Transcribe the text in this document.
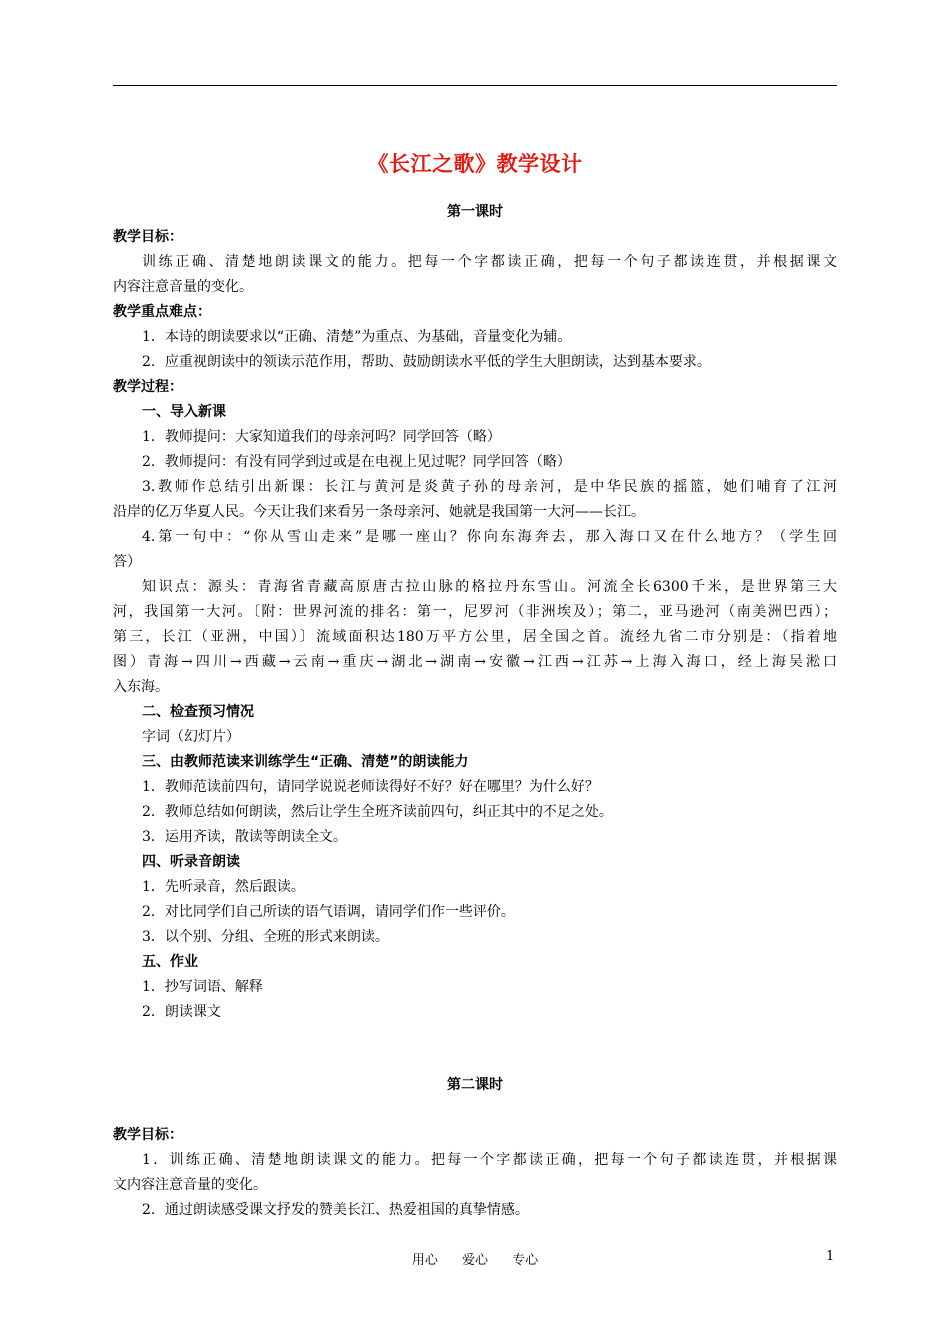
《长江之歌》教学设计
第一课时
教学目标：
训练正确、清楚地朗读课文的能力。把每一个字都读正确，把每一个句子都读连贯，并根据课文
内容注意音量的变化。
教学重点难点：
1．本诗的朗读要求以“正确、清楚”为重点、为基础，音量变化为辅。
2．应重视朗读中的领读示范作用，帮助、鼓励朗读水平低的学生大胆朗读，达到基本要求。
教学过程：
一、导入新课
1．教师提问：大家知道我们的母亲河吗？同学回答（略）
2．教师提问：有没有同学到过或是在电视上见过呢？同学回答（略）
3.教师作总结引出新课：长江与黄河是炎黄子孙的母亲河，是中华民族的摇篮，她们哺育了江河
沿岸的亿万华夏人民。今天让我们来看另一条母亲河、她就是我国第一大河——长江。
4.第一句中：“你从雪山走来”是哪一座山？你向东海奔去，那入海口又在什么地方？（学生回
答）
知识点：源头：青海省青藏高原唐古拉山脉的格拉丹东雪山。河流全长6300千米，是世界第三大
河，我国第一大河。〔附：世界河流的排名：第一，尼罗河（非洲埃及）；第二，亚马逊河（南美洲巴西）；
第三，长江（亚洲，中国）〕流域面积达180万平方公里，居全国之首。流经九省二市分别是：（指着地
图）青海→四川→西藏→云南→重庆→湖北→湖南→安徽→江西→江苏→上海入海口，经上海吴淞口
入东海。
二、检查预习情况
字词（幻灯片）
三、由教师范读来训练学生“正确、清楚”的朗读能力
1．教师范读前四句，请同学说说老师读得好不好？好在哪里？为什么好？
2．教师总结如何朗读，然后让学生全班齐读前四句，纠正其中的不足之处。
3．运用齐读，散读等朗读全文。
四、听录音朗读
1．先听录音，然后跟读。
2．对比同学们自己所读的语气语调，请同学们作一些评价。
3．以个别、分组、全班的形式来朗读。
五、作业
1．抄写词语、解释
2．朗读课文
第二课时
教学目标：
1．训练正确、清楚地朗读课文的能力。把每一个字都读正确，把每一个句子都读连贯，并根据课
文内容注意音量的变化。
2．通过朗读感受课文抒发的赞美长江、热爱祖国的真挚情感。
用心 爱心 专心	1
